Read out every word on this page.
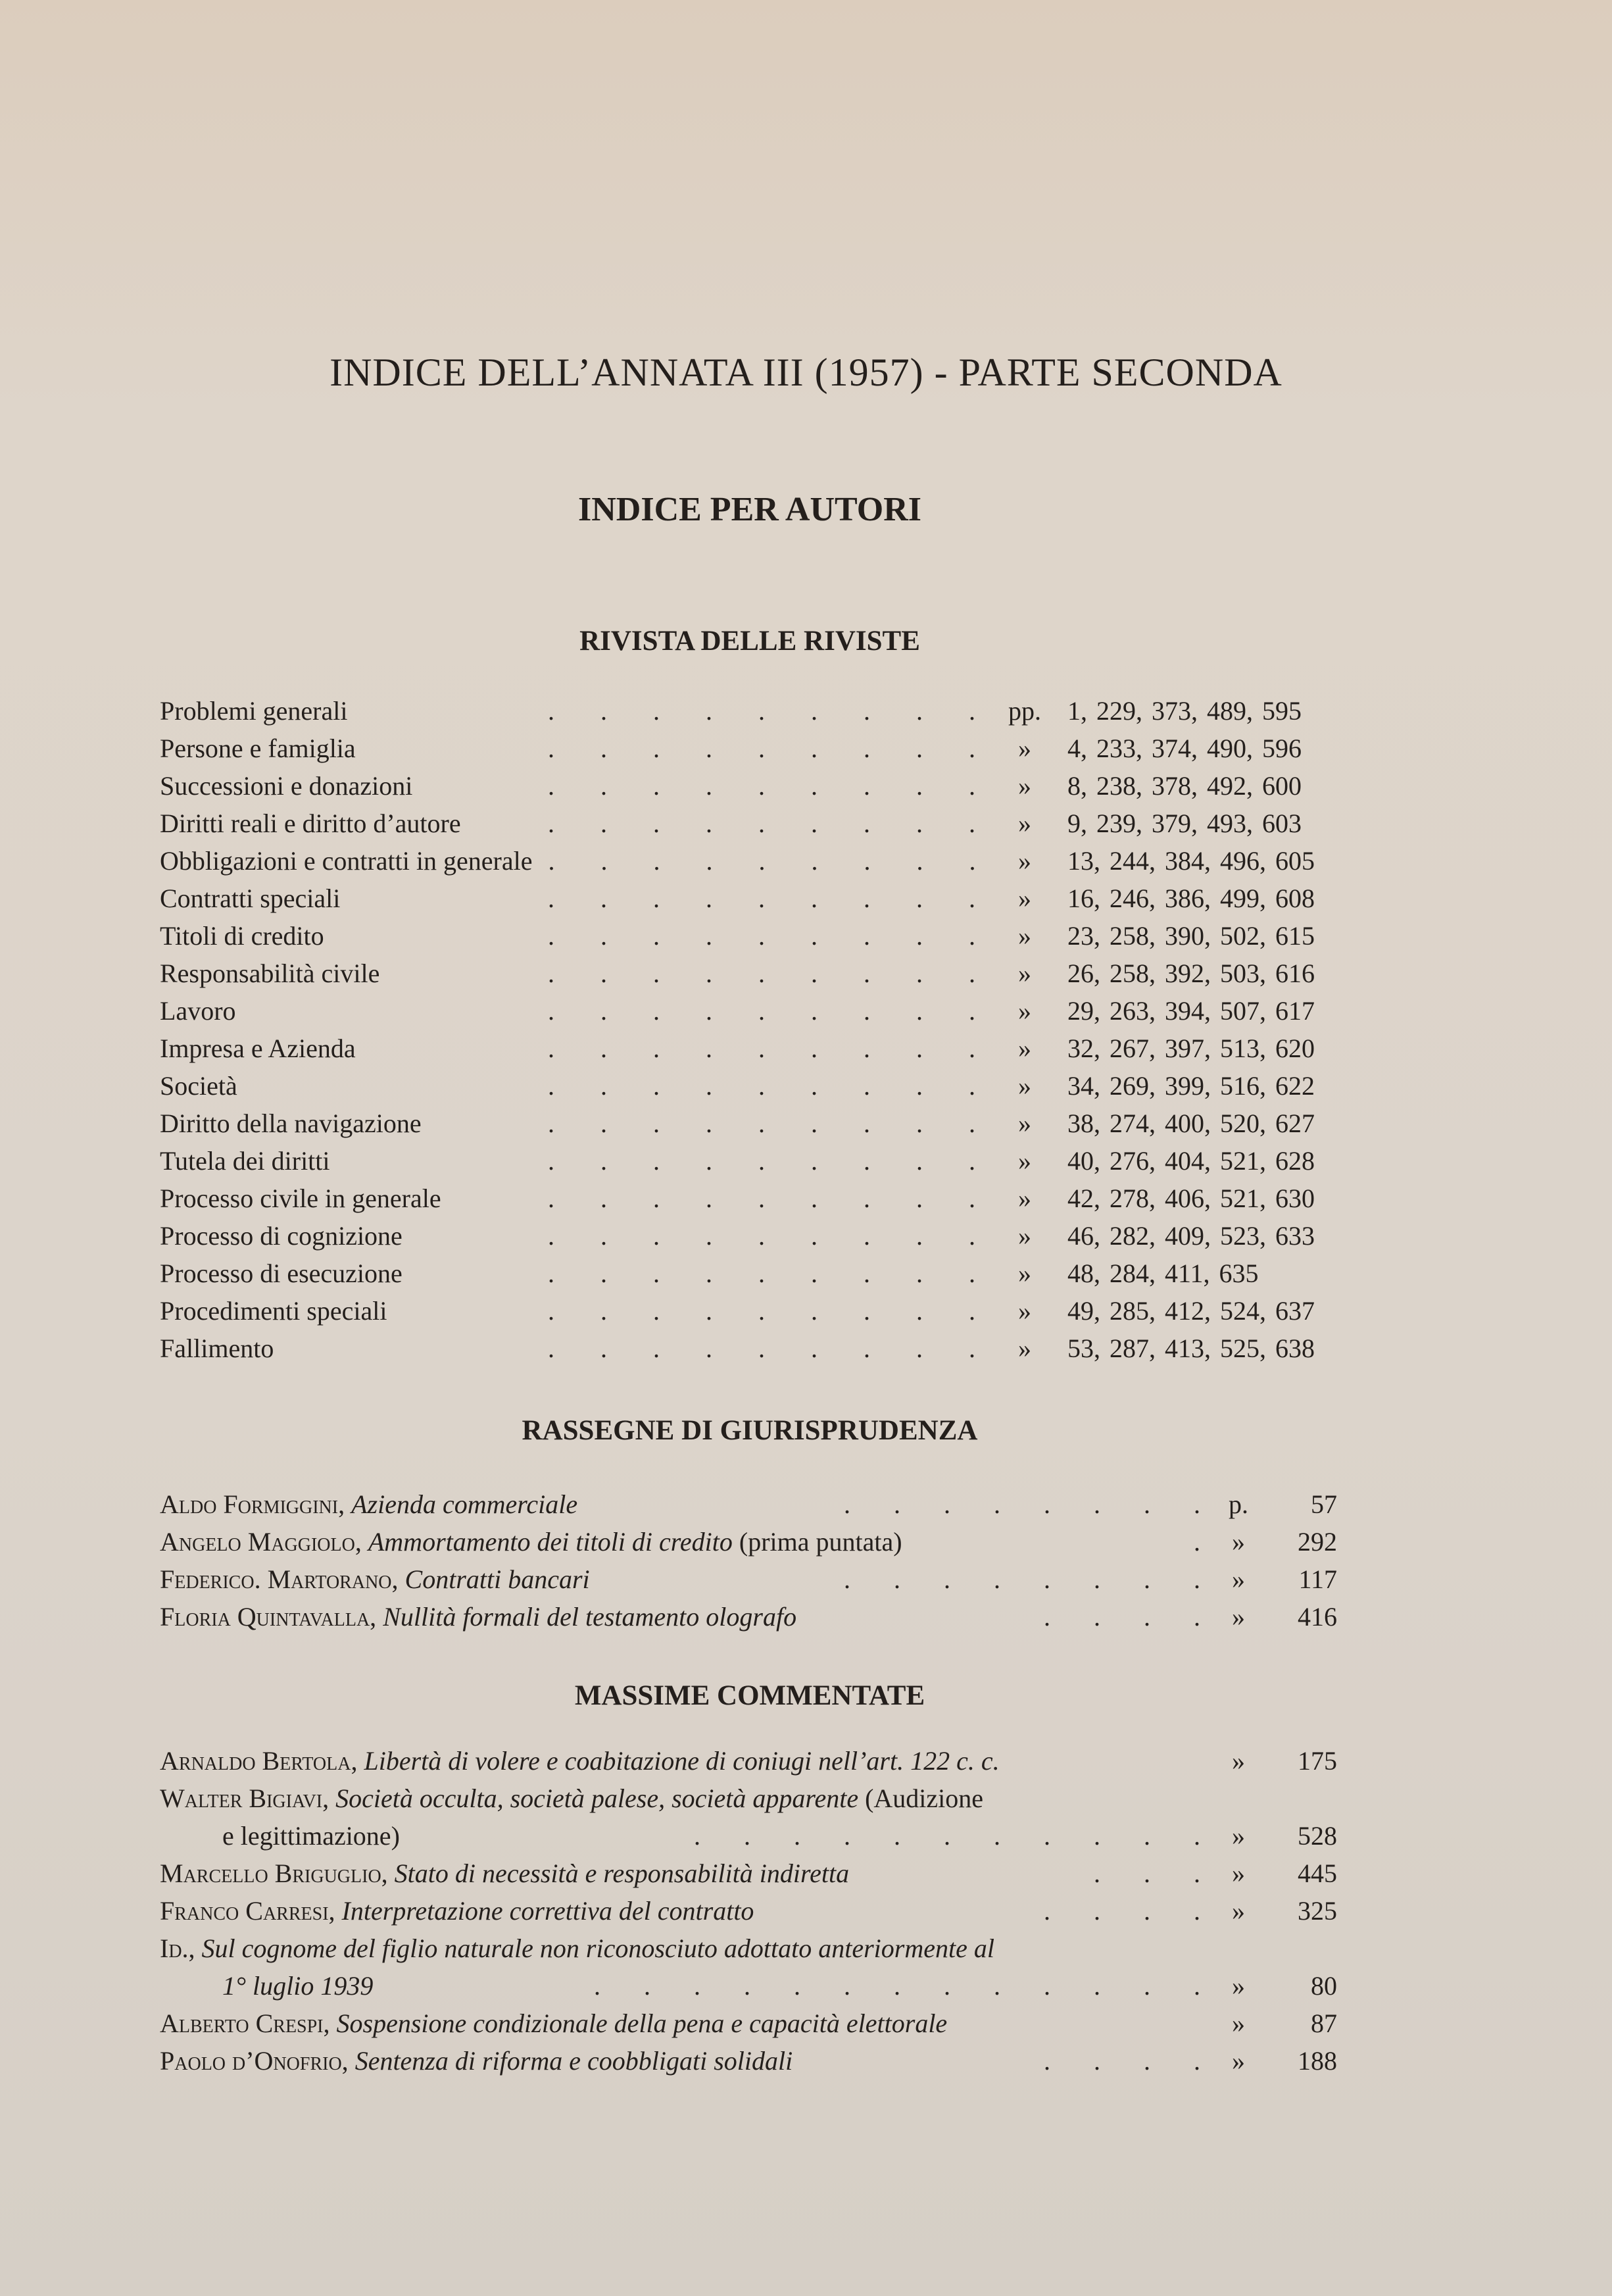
INDICE DELL’ANNATA III (1957) - PARTE SECONDA
INDICE PER AUTORI
RIVISTA DELLE RIVISTE
Problemi generali	. . . . . . . . . pp.	1, 229, 373, 489, 595
Persone e famiglia	. . . . . . . . . »	4, 233, 374, 490, 596
Successioni e donazioni	. . . . . . . . . »	8, 238, 378, 492, 600
Diritti reali e diritto d’autore	. . . . . . . . . »	9, 239, 379, 493, 603
Obbligazioni e contratti in generale . . . . . . . . . »	13, 244, 384, 496, 605
Contratti speciali	. . . . . . . . . »	16, 246, 386, 499, 608
Titoli di credito	. . . . . . . . . »	23, 258, 390, 502, 615
Responsabilità civile	. . . . . . . . . »	26, 258, 392, 503, 616
Lavoro	. . . . . . . . . »	29, 263, 394, 507, 617
Impresa e Azienda	. . . . . . . . . »	32, 267, 397, 513, 620
Società	. . . . . . . . . »	34, 269, 399, 516, 622
Diritto della navigazione	. . . . . . . . . »	38, 274, 400, 520, 627
Tutela dei diritti	. . . . . . . . . »	40, 276, 404, 521, 628
Processo civile in generale	. . . . . . . . . »	42, 278, 406, 521, 630
Processo di cognizione	. . . . . . . . . »	46, 282, 409, 523, 633
Processo di esecuzione	. . . . . . . . . »	48, 284, 411, 635
Procedimenti speciali	. . . . . . . . . »	49, 285, 412, 524, 637
Fallimento	. . . . . . . . . »	53, 287, 413, 525, 638
RASSEGNE DI GIURISPRUDENZA
Aldo Formiggini, Azienda commerciale	. . . . . . . . p.	57
Angelo Maggiolo, Ammortamento dei titoli di credito (prima puntata)	. »	292
Federico. Martorano, Contratti bancari	. . . . . . . . »	117
Floria Quintavalla, Nullità formali del testamento olografo	. . . . »	416
MASSIME COMMENTATE
Arnaldo Bertola, Libertà di volere e coabitazione di coniugi nell’art. 122 c. c.	»	175
Walter Bigiavi, Società occulta, società palese, società apparente (Audizione
e legittimazione)	. . . . . . . . . . . »	528
Marcello Briguglio, Stato di necessità e responsabilità indiretta	. . . »	445
Franco Carresi, Interpretazione correttiva del contratto	. . . . »	325
Id., Sul cognome del figlio naturale non riconosciuto adottato anteriormente al
1° luglio 1939	. . . . . . . . . . . . . »	80
Alberto Crespi, Sospensione condizionale della pena e capacità elettorale	»	87
Paolo d’Onofrio, Sentenza di riforma e coobbligati solidali	. . . . »	188
